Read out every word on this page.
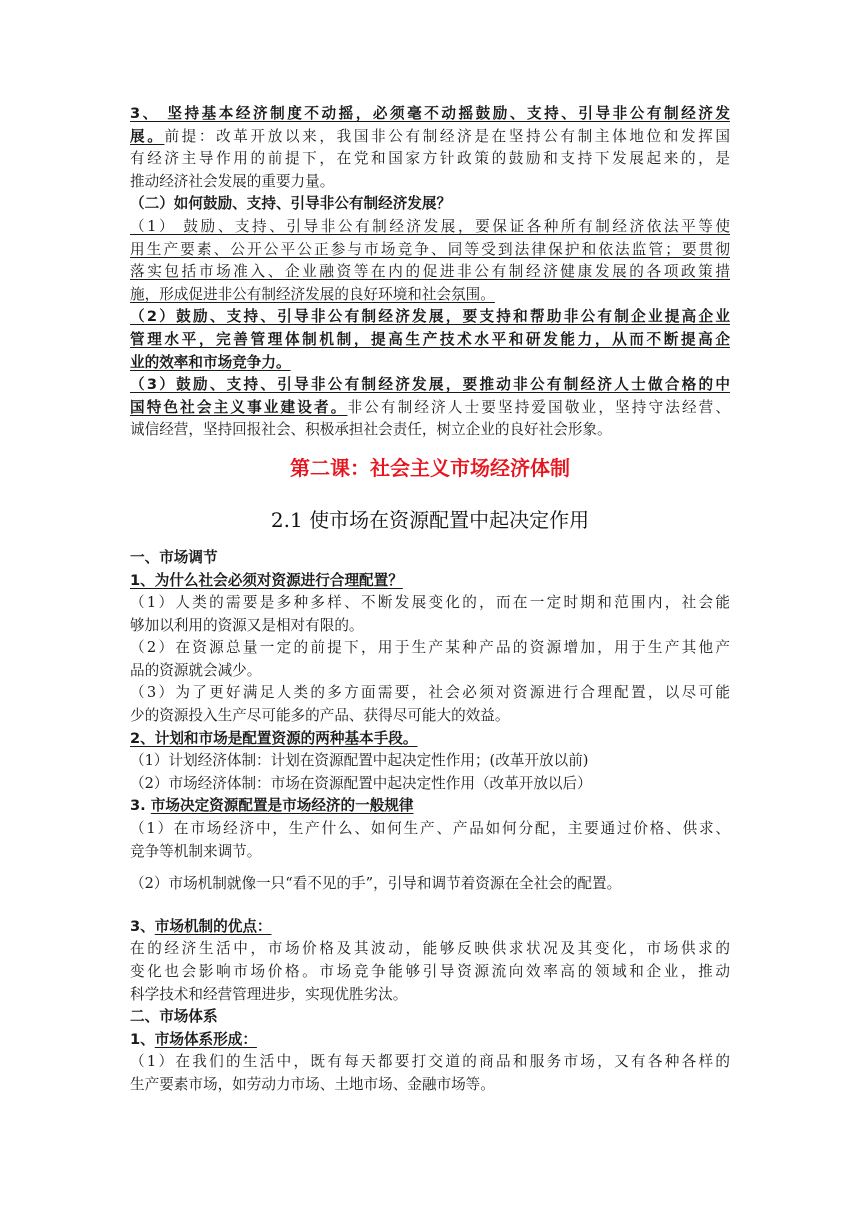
3、 坚持基本经济制度不动摇，必须毫不动摇鼓励、支持、引导非公有制经济发
展。前提：改革开放以来，我国非公有制经济是在坚持公有制主体地位和发挥国
有经济主导作用的前提下，在党和国家方针政策的鼓励和支持下发展起来的，是
推动经济社会发展的重要力量。
（二）如何鼓励、支持、引导非公有制经济发展？
（1） 鼓励、支持、引导非公有制经济发展，要保证各种所有制经济依法平等使
用生产要素、公开公平公正参与市场竞争、同等受到法律保护和依法监管；要贯彻
落实包括市场准入、企业融资等在内的促进非公有制经济健康发展的各项政策措
施，形成促进非公有制经济发展的良好环境和社会氛围。
（2）鼓励、支持、引导非公有制经济发展，要支持和帮助非公有制企业提高企业
管理水平，完善管理体制机制，提高生产技术水平和研发能力，从而不断提高企
业的效率和市场竞争力。
（3）鼓励、支持、引导非公有制经济发展，要推动非公有制经济人士做合格的中
国特色社会主义事业建设者。非公有制经济人士要坚持爱国敬业，坚持守法经营、
诚信经营，坚持回报社会、积极承担社会责任，树立企业的良好社会形象。
第二课：社会主义市场经济体制
2.1 使市场在资源配置中起决定作用
一、市场调节
1、为什么社会必须对资源进行合理配置？
（1）人类的需要是多种多样、不断发展变化的，而在一定时期和范围内，社会能
够加以利用的资源又是相对有限的。
（2）在资源总量一定的前提下，用于生产某种产品的资源增加，用于生产其他产
品的资源就会减少。
（3）为了更好满足人类的多方面需要，社会必须对资源进行合理配置，以尽可能
少的资源投入生产尽可能多的产品、获得尽可能大的效益。
2、计划和市场是配置资源的两种基本手段。
（1）计划经济体制：计划在资源配置中起决定性作用；(改革开放以前)
（2）市场经济体制：市场在资源配置中起决定性作用（改革开放以后）
3. 市场决定资源配置是市场经济的一般规律
（1）在市场经济中，生产什么、如何生产、产品如何分配，主要通过价格、供求、
竞争等机制来调节。
（2）市场机制就像一只“看不见的手”，引导和调节着资源在全社会的配置。
3、市场机制的优点：
在的经济生活中，市场价格及其波动，能够反映供求状况及其变化，市场供求的
变化也会影响市场价格。市场竞争能够引导资源流向效率高的领域和企业，推动
科学技术和经营管理进步，实现优胜劣汰。
二、市场体系
1、市场体系形成：
（1）在我们的生活中，既有每天都要打交道的商品和服务市场，又有各种各样的
生产要素市场，如劳动力市场、土地市场、金融市场等。
